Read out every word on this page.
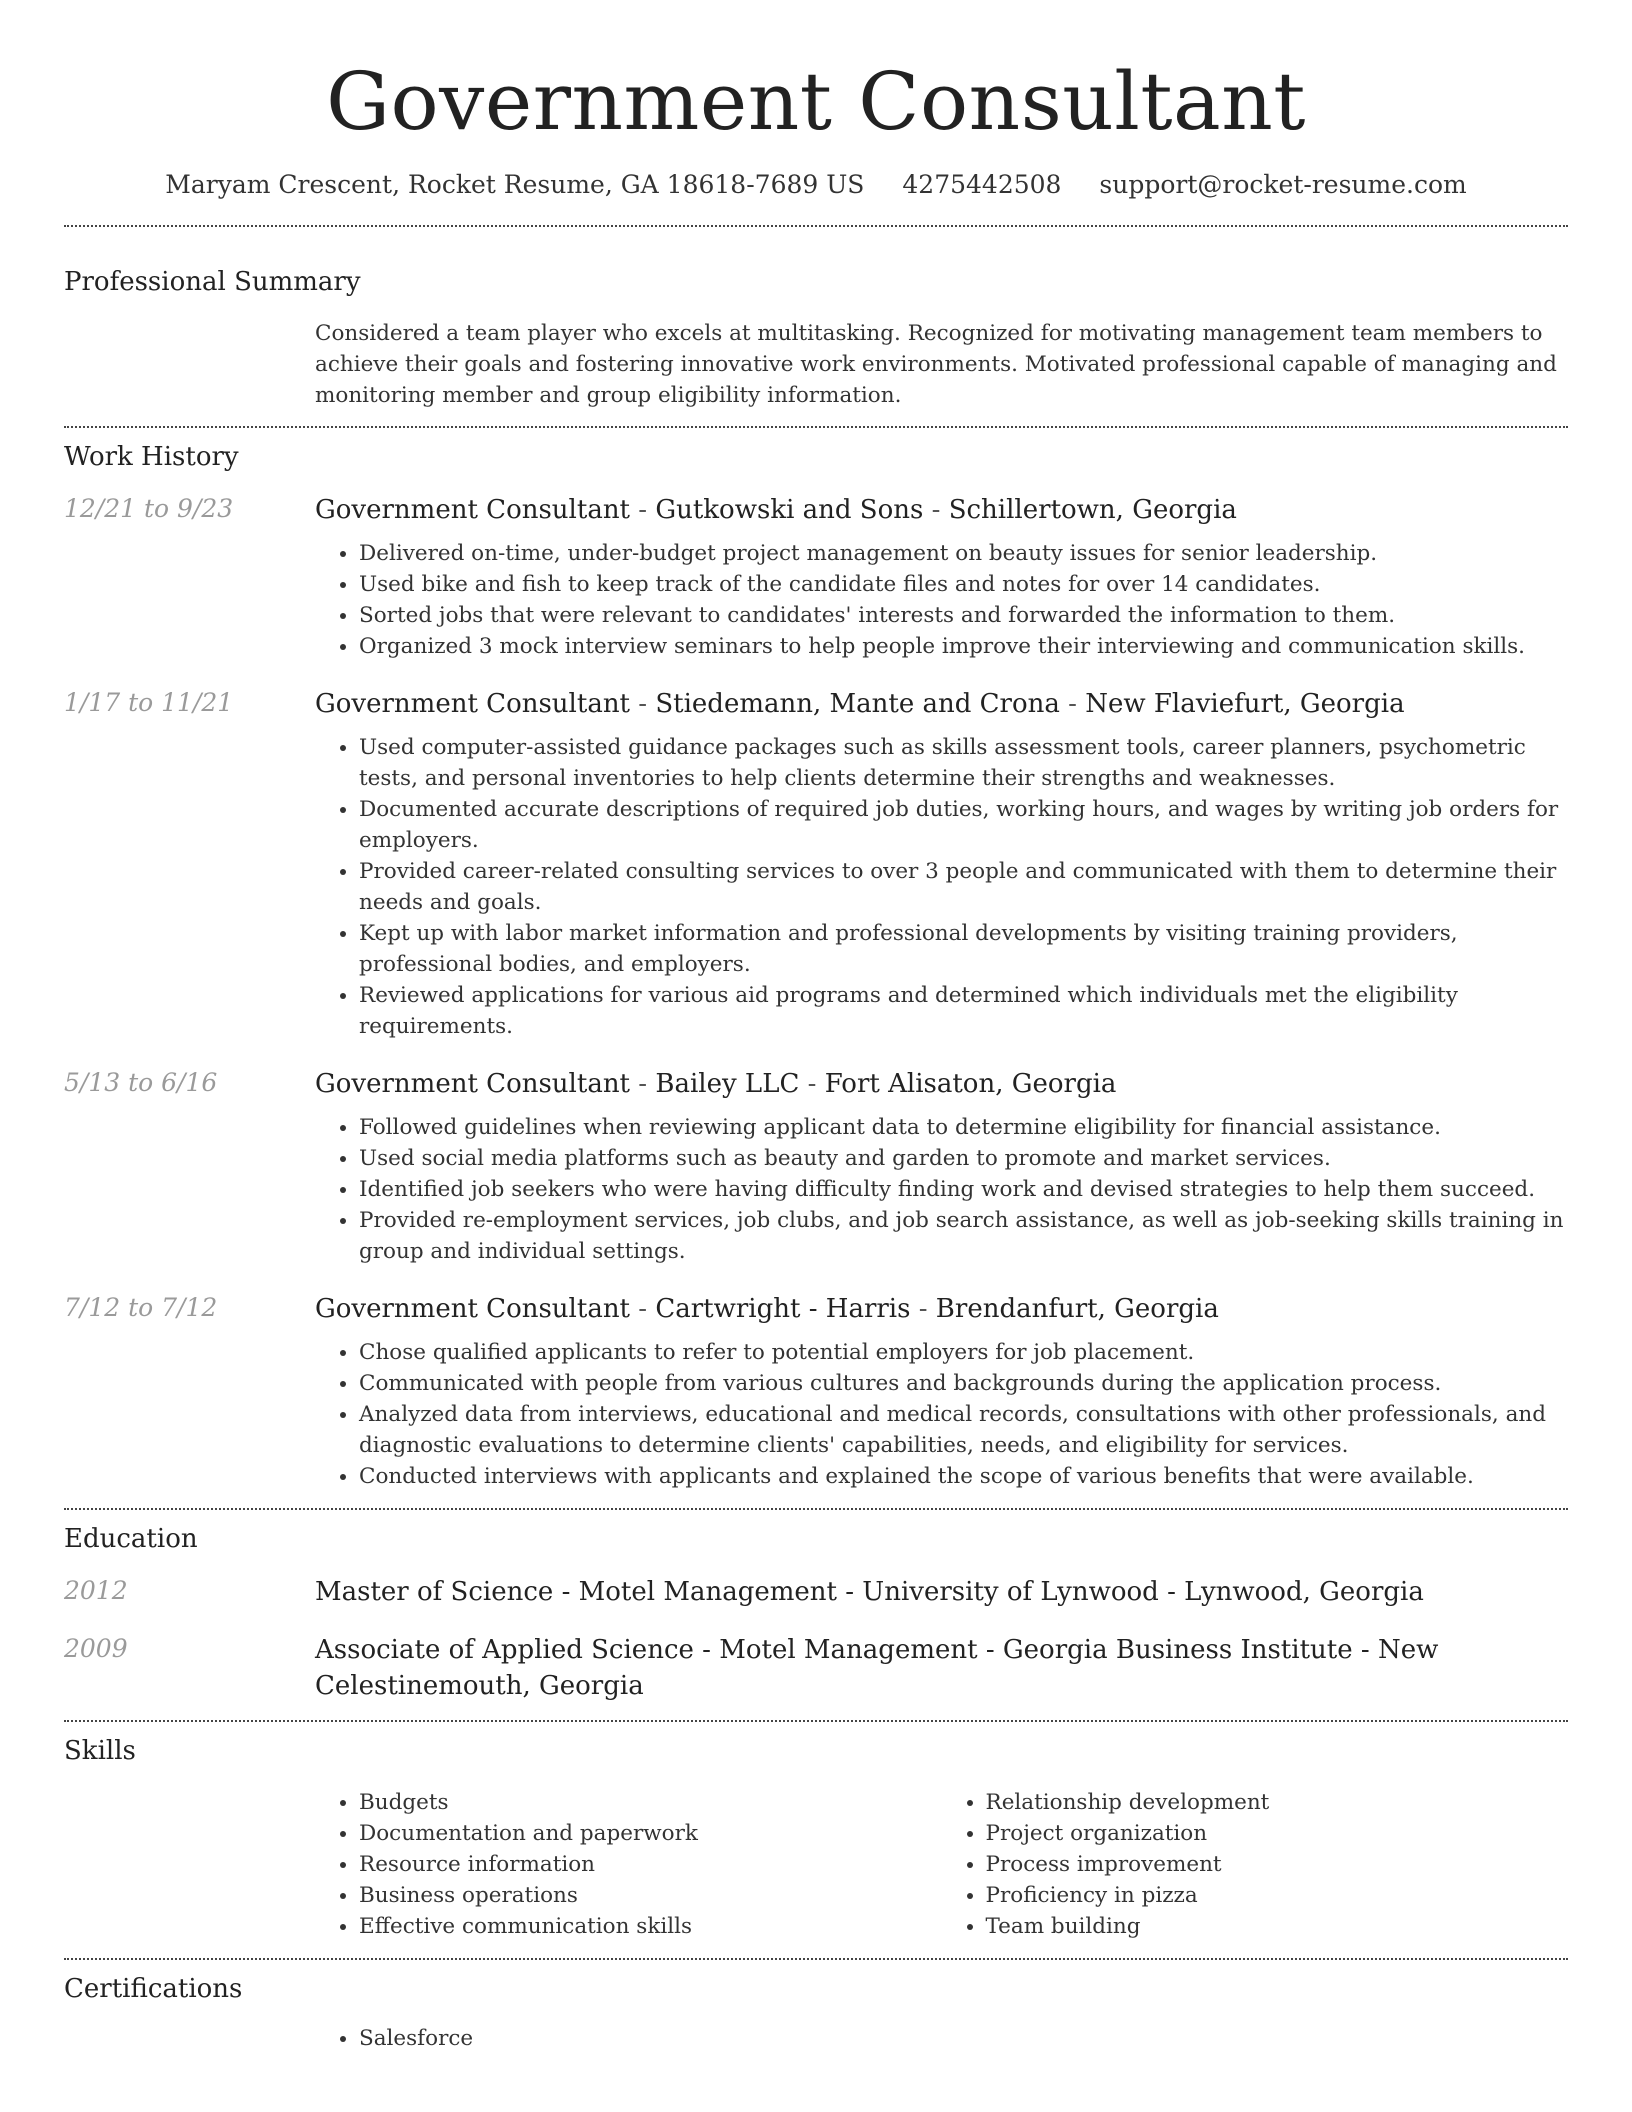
Government Consultant
Maryam Crescent, Rocket Resume, GA 18618-7689 US 4275442508 support@rocket-resume.com
Professional Summary
Considered a team player who excels at multitasking. Recognized for motivating management team members to achieve their goals and fostering innovative work environments. Motivated professional capable of managing and monitoring member and group eligibility information.
Work History
12/21 to 9/23	Government Consultant - Gutkowski and Sons - Schillertown, Georgia
• Delivered on-time, under-budget project management on beauty issues for senior leadership.
• Used bike and fish to keep track of the candidate files and notes for over 14 candidates.
• Sorted jobs that were relevant to candidates' interests and forwarded the information to them.
• Organized 3 mock interview seminars to help people improve their interviewing and communication skills.
1/17 to 11/21	Government Consultant - Stiedemann, Mante and Crona - New Flaviefurt, Georgia
• Used computer-assisted guidance packages such as skills assessment tools, career planners, psychometric tests, and personal inventories to help clients determine their strengths and weaknesses.
• Documented accurate descriptions of required job duties, working hours, and wages by writing job orders for employers.
• Provided career-related consulting services to over 3 people and communicated with them to determine their needs and goals.
• Kept up with labor market information and professional developments by visiting training providers, professional bodies, and employers.
• Reviewed applications for various aid programs and determined which individuals met the eligibility requirements.
5/13 to 6/16	Government Consultant - Bailey LLC - Fort Alisaton, Georgia
• Followed guidelines when reviewing applicant data to determine eligibility for financial assistance.
• Used social media platforms such as beauty and garden to promote and market services.
• Identified job seekers who were having difficulty finding work and devised strategies to help them succeed.
• Provided re-employment services, job clubs, and job search assistance, as well as job-seeking skills training in group and individual settings.
7/12 to 7/12	Government Consultant - Cartwright - Harris - Brendanfurt, Georgia
• Chose qualified applicants to refer to potential employers for job placement.
• Communicated with people from various cultures and backgrounds during the application process.
• Analyzed data from interviews, educational and medical records, consultations with other professionals, and diagnostic evaluations to determine clients' capabilities, needs, and eligibility for services.
• Conducted interviews with applicants and explained the scope of various benefits that were available.
Education
2012	Master of Science - Motel Management - University of Lynwood - Lynwood, Georgia
2009	Associate of Applied Science - Motel Management - Georgia Business Institute - New Celestinemouth, Georgia
Skills
• Budgets
• Documentation and paperwork
• Resource information
• Business operations
• Effective communication skills
• Relationship development
• Project organization
• Process improvement
• Proficiency in pizza
• Team building
Certifications
• Salesforce
